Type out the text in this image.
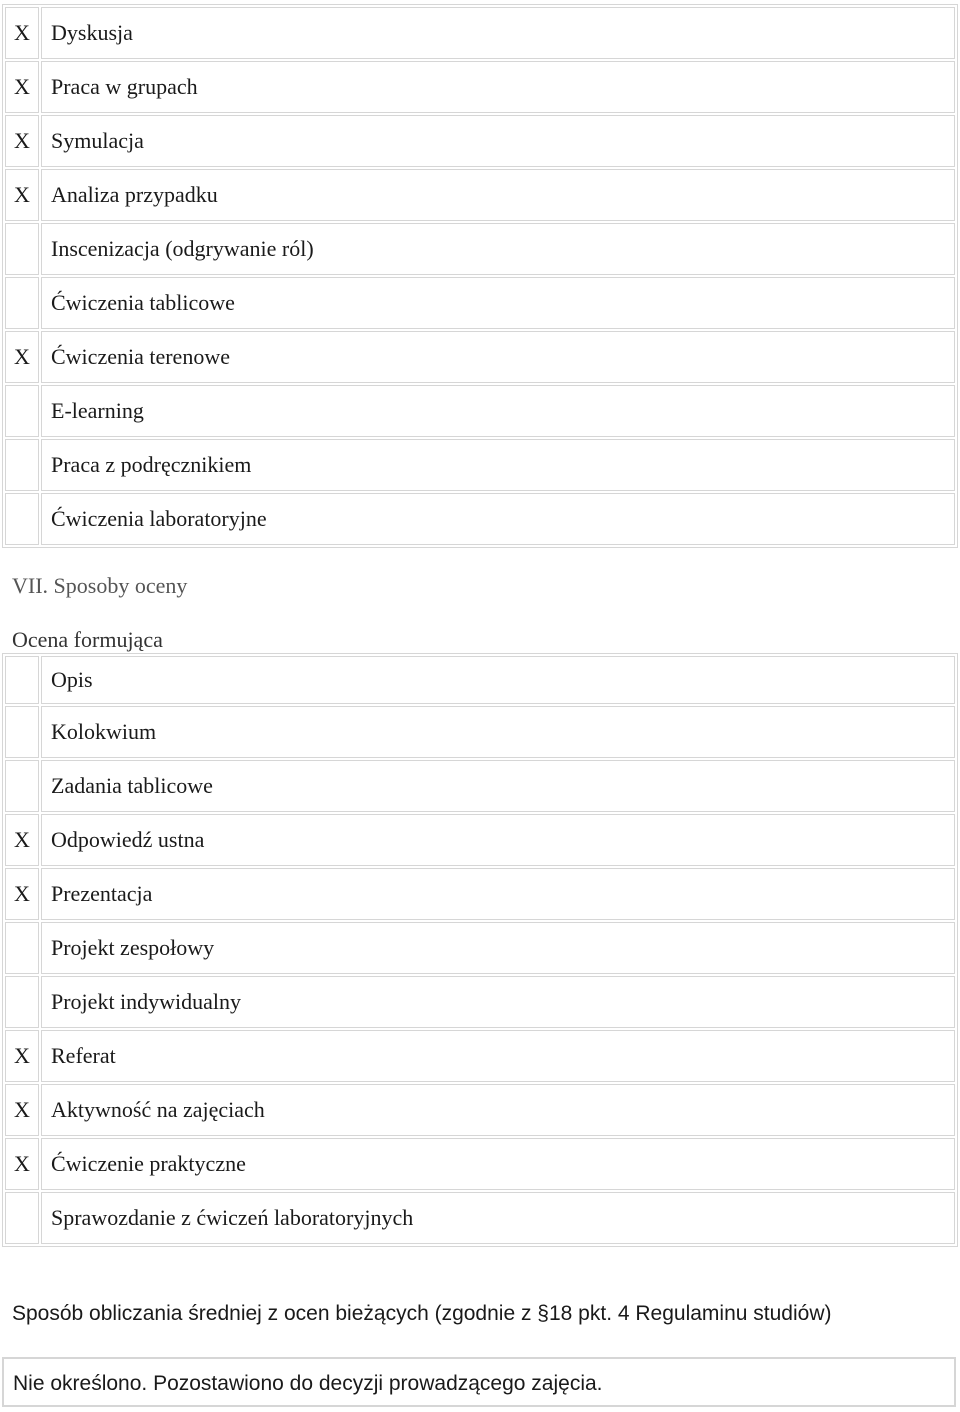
X	Dyskusja
X	Praca w grupach
X	Symulacja
X	Analiza przypadku
	Inscenizacja (odgrywanie ról)
	Ćwiczenia tablicowe
X	Ćwiczenia terenowe
	E-learning
	Praca z podręcznikiem
	Ćwiczenia laboratoryjne

VII. Sposoby oceny

Ocena formująca

	Opis
	Kolokwium
	Zadania tablicowe
X	Odpowiedź ustna
X	Prezentacja
	Projekt zespołowy
	Projekt indywidualny
X	Referat
X	Aktywność na zajęciach
X	Ćwiczenie praktyczne
	Sprawozdanie z ćwiczeń laboratoryjnych

Sposób obliczania średniej z ocen bieżących (zgodnie z §18 pkt. 4 Regulaminu studiów)

Nie określono. Pozostawiono do decyzji prowadzącego zajęcia.
